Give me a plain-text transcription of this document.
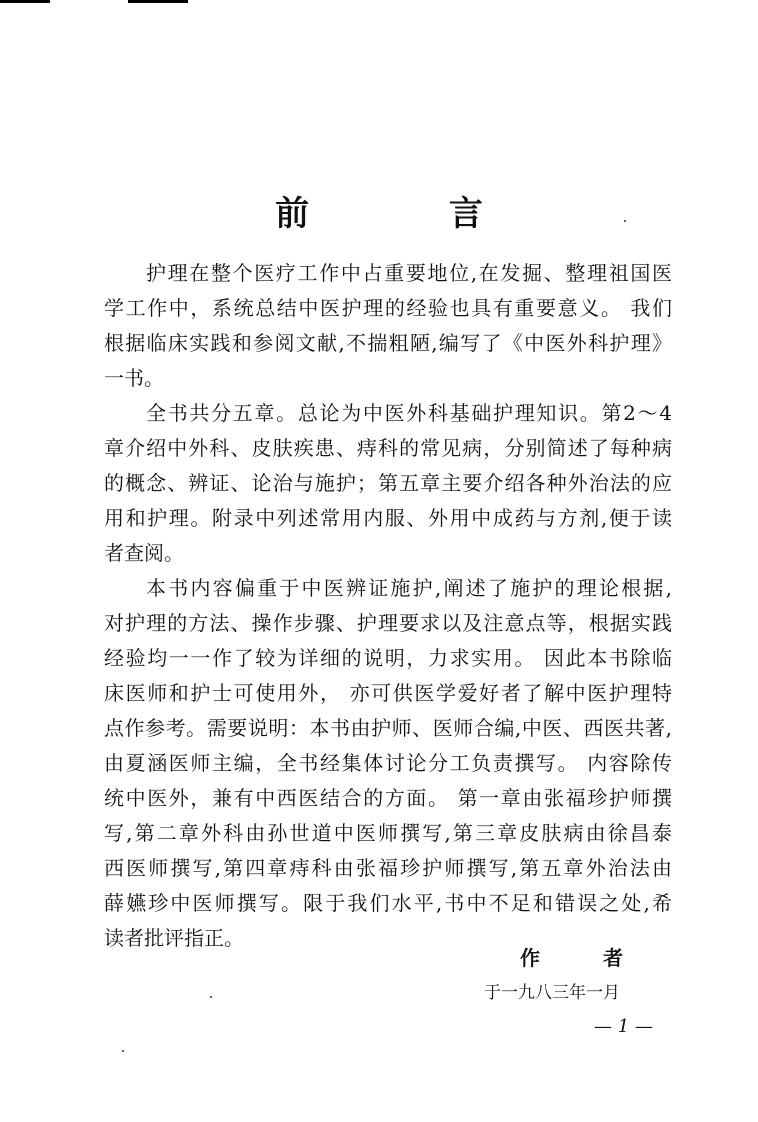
前 言
护理在整个医疗工作中占重要地位,在发掘、整理祖国医
学工作中，系统总结中医护理的经验也具有重要意义。 我们
根据临床实践和参阅文献,不揣粗陋,编写了《中医外科护理》
一书。
全书共分五章。总论为中医外科基础护理知识。第2～4
章介绍中外科、皮肤疾患、痔科的常见病，分别简述了每种病
的概念、辨证、论治与施护；第五章主要介绍各种外治法的应
用和护理。附录中列述常用内服、外用中成药与方剂,便于读
者查阅。
本书内容偏重于中医辨证施护,阐述了施护的理论根据,
对护理的方法、操作步骤、护理要求以及注意点等，根据实践
经验均一一作了较为详细的说明，力求实用。 因此本书除临
床医师和护士可使用外， 亦可供医学爱好者了解中医护理特
点作参考。需要说明：本书由护师、医师合编,中医、西医共著,
由夏涵医师主编，全书经集体讨论分工负责撰写。 内容除传
统中医外，兼有中西医结合的方面。 第一章由张福珍护师撰
写,第二章外科由孙世道中医师撰写,第三章皮肤病由徐昌泰
西医师撰写,第四章痔科由张福珍护师撰写,第五章外治法由
薛嬿珍中医师撰写。限于我们水平,书中不足和错误之处,希
读者批评指正。
作 者
于一九八三年一月
— 1 —
